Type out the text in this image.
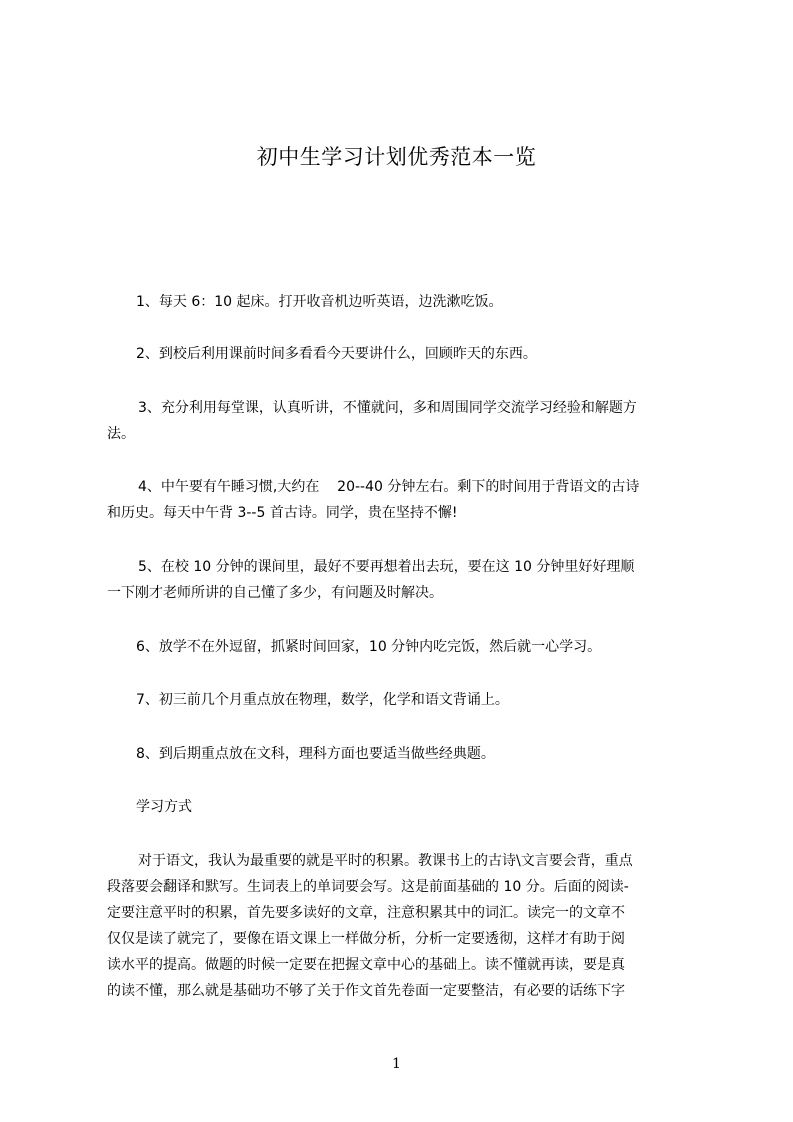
初中生学习计划优秀范本一览
1、每天 6：10 起床。打开收音机边听英语，边洗漱吃饭。
2、到校后利用课前时间多看看今天要讲什么，回顾昨天的东西。
3、充分利用每堂课，认真听讲，不懂就问，多和周围同学交流学习经验和解题方
法。
4、中午要有午睡习惯,大约在    20--40 分钟左右。剩下的时间用于背语文的古诗
和历史。每天中午背 3--5 首古诗。同学，贵在坚持不懈!
5、在校 10 分钟的课间里，最好不要再想着出去玩，要在这 10 分钟里好好理顺
一下刚才老师所讲的自己懂了多少，有问题及时解决。
6、放学不在外逗留，抓紧时间回家，10 分钟内吃完饭，然后就一心学习。
7、初三前几个月重点放在物理，数学，化学和语文背诵上。
8、到后期重点放在文科，理科方面也要适当做些经典题。
学习方式
对于语文，我认为最重要的就是平时的积累。教课书上的古诗\文言要会背，重点
段落要会翻译和默写。生词表上的单词要会写。这是前面基础的 10 分。后面的阅读-
定要注意平时的积累，首先要多读好的文章，注意积累其中的词汇。读完一的文章不
仅仅是读了就完了，要像在语文课上一样做分析，分析一定要透彻，这样才有助于阅
读水平的提高。做题的时候一定要在把握文章中心的基础上。读不懂就再读，要是真
的读不懂，那么就是基础功不够了关于作文首先卷面一定要整洁，有必要的话练下字
1
